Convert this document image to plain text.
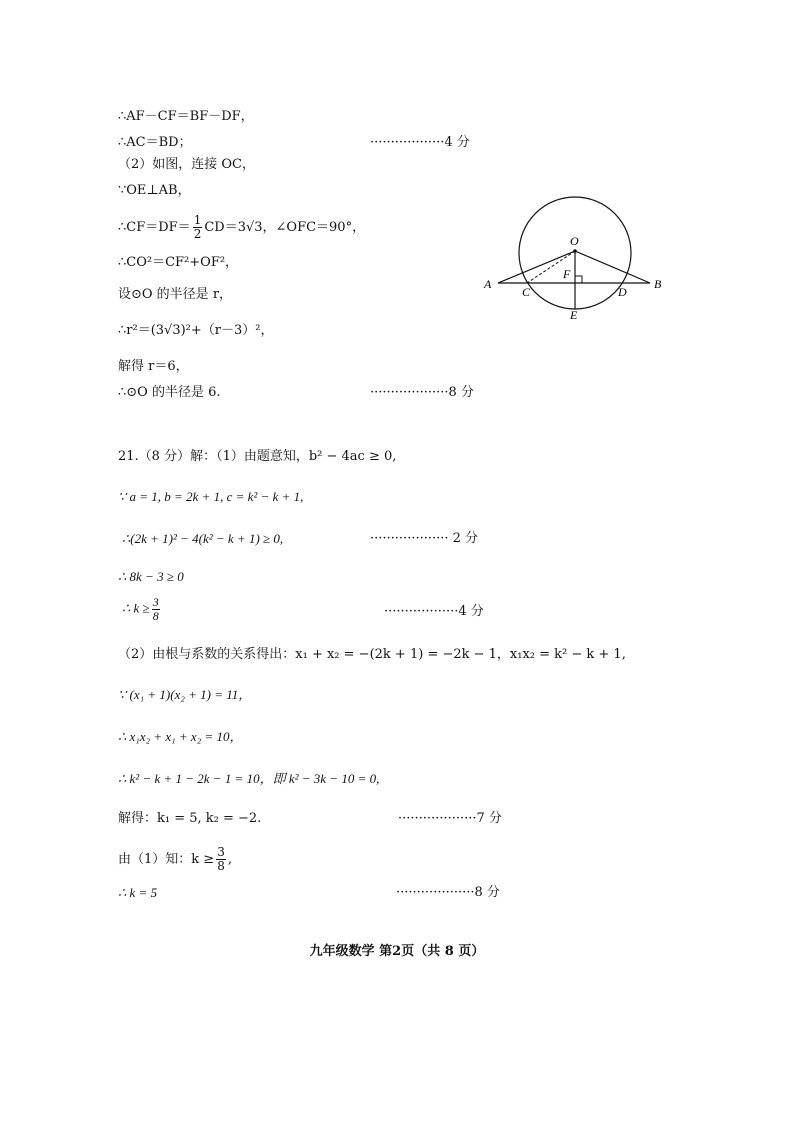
∴AF－CF＝BF－DF，
∴AC＝BD；	··················4 分
（2）如图，连接 OC，
∵OE⊥AB，
∴CF＝DF＝ $\frac{1}{2} CD=3√3$，∠OFC＝90°，
∴CO²＝CF²+OF²，
设⊙O 的半径是 r，
∴r²＝(3√3)²+（r－3）²，
解得 r＝6，
∴⊙O 的半径是 6.	···················8 分
O
A	B
C	D
E
F
21.（8 分）解：（1）由题意知，b² − 4ac ≥ 0,
∵ a = 1, b = 2k + 1, c = k² − k + 1,
∴(2k + 1)² − 4(k² − k + 1) ≥ 0,	··················· 2 分
∴ 8k − 3 ≥ 0
∴ $k \ge \frac{3}{8}$	··················4 分
（2）由根与系数的关系得出：x₁ + x₂ = −(2k + 1) = −2k − 1，x₁x₂ = k² − k + 1,
∵ (x₁ + 1)(x₂ + 1) = 11，
∴ x₁x₂ + x₁ + x₂ = 10，
∴ k² − k + 1 − 2k − 1 = 10，即 k² − 3k − 10 = 0,
解得：k₁ = 5, k₂ = −2.	···················7 分
由（1）知：$k \ge \frac{3}{8}$ ,
∴ k = 5	···················8 分
九年级数学 第2页（共 8 页）
